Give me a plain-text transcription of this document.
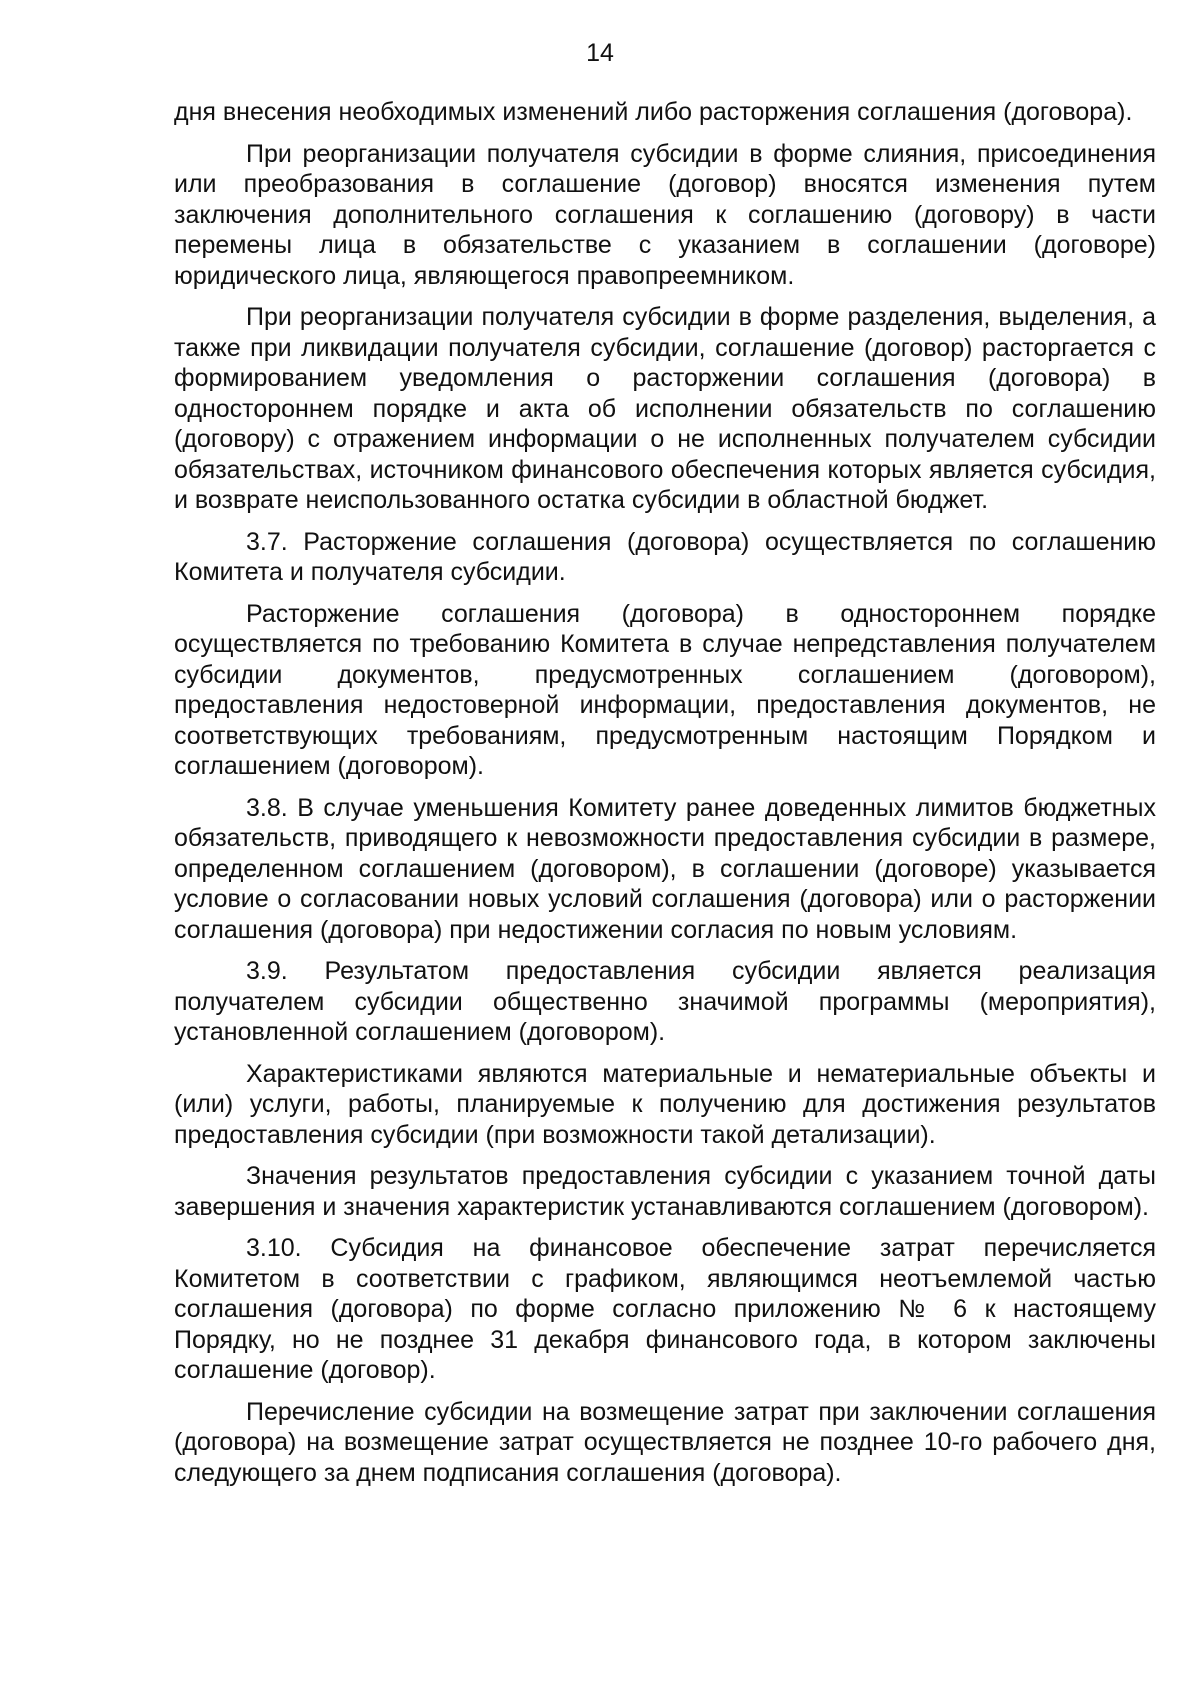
14

дня внесения необходимых изменений либо расторжения соглашения (договора).

При реорганизации получателя субсидии в форме слияния, присоединения или преобразования в соглашение (договор) вносятся изменения путем заключения дополнительного соглашения к соглашению (договору) в части перемены лица в обязательстве с указанием в соглашении (договоре) юридического лица, являющегося правопреемником.

При реорганизации получателя субсидии в форме разделения, выделения, а также при ликвидации получателя субсидии, соглашение (договор) расторгается с формированием уведомления о расторжении соглашения (договора) в одностороннем порядке и акта об исполнении обязательств по соглашению (договору) с отражением информации о не исполненных получателем субсидии обязательствах, источником финансового обеспечения которых является субсидия, и возврате неиспользованного остатка субсидии в областной бюджет.

3.7. Расторжение соглашения (договора) осуществляется по соглашению Комитета и получателя субсидии.

Расторжение соглашения (договора) в одностороннем порядке осуществляется по требованию Комитета в случае непредставления получателем субсидии документов, предусмотренных соглашением (договором), предоставления недостоверной информации, предоставления документов, не соответствующих требованиям, предусмотренным настоящим Порядком и соглашением (договором).

3.8. В случае уменьшения Комитету ранее доведенных лимитов бюджетных обязательств, приводящего к невозможности предоставления субсидии в размере, определенном соглашением (договором), в соглашении (договоре) указывается условие о согласовании новых условий соглашения (договора) или о расторжении соглашения (договора) при недостижении согласия по новым условиям.

3.9. Результатом предоставления субсидии является реализация получателем субсидии общественно значимой программы (мероприятия), установленной соглашением (договором).

Характеристиками являются материальные и нематериальные объекты и (или) услуги, работы, планируемые к получению для достижения результатов предоставления субсидии (при возможности такой детализации).

Значения результатов предоставления субсидии с указанием точной даты завершения и значения характеристик устанавливаются соглашением (договором).

3.10. Субсидия на финансовое обеспечение затрат перечисляется Комитетом в соответствии с графиком, являющимся неотъемлемой частью соглашения (договора) по форме согласно приложению № 6 к настоящему Порядку, но не позднее 31 декабря финансового года, в котором заключены соглашение (договор).

Перечисление субсидии на возмещение затрат при заключении соглашения (договора) на возмещение затрат осуществляется не позднее 10-го рабочего дня, следующего за днем подписания соглашения (договора).
